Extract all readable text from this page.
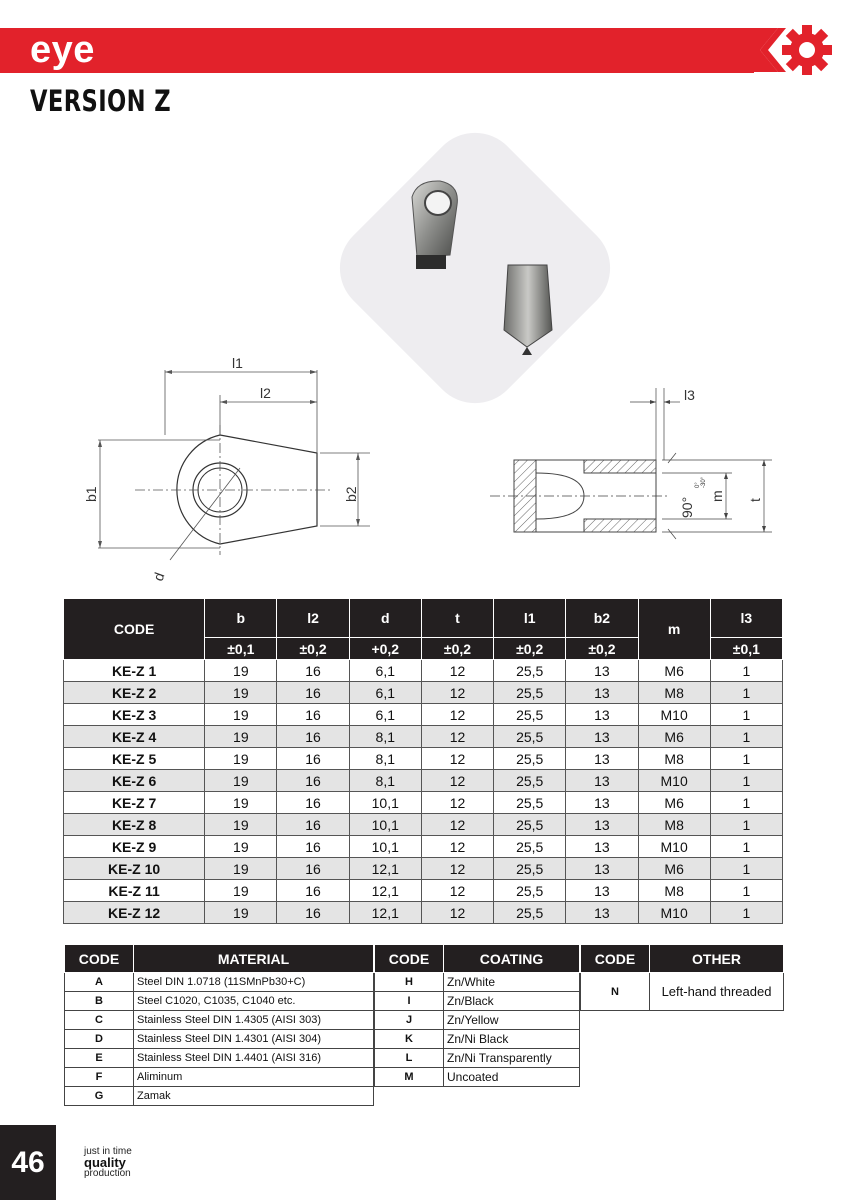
eye
VERSION Z
l1
l2
b1	b2
d
l3
90°
0° -30°
m t
CODE	b	l2	d	t	l1	b2	m	l3
	±0,1	±0,2	+0,2	±0,2	±0,2	±0,2		±0,1
KE-Z 1	19	16	6,1	12	25,5	13	M6	1
KE-Z 2	19	16	6,1	12	25,5	13	M8	1
KE-Z 3	19	16	6,1	12	25,5	13	M10	1
KE-Z 4	19	16	8,1	12	25,5	13	M6	1
KE-Z 5	19	16	8,1	12	25,5	13	M8	1
KE-Z 6	19	16	8,1	12	25,5	13	M10	1
KE-Z 7	19	16	10,1	12	25,5	13	M6	1
KE-Z 8	19	16	10,1	12	25,5	13	M8	1
KE-Z 9	19	16	10,1	12	25,5	13	M10	1
KE-Z 10	19	16	12,1	12	25,5	13	M6	1
KE-Z 11	19	16	12,1	12	25,5	13	M8	1
KE-Z 12	19	16	12,1	12	25,5	13	M10	1
CODE	MATERIAL
A	Steel DIN 1.0718 (11SMnPb30+C)
B	Steel C1020, C1035, C1040 etc.
C	Stainless Steel DIN 1.4305 (AISI 303)
D	Stainless Steel DIN 1.4301 (AISI 304)
E	Stainless Steel DIN 1.4401 (AISI 316)
F	Aliminum
G	Zamak
CODE	COATING
H	Zn/White
I	Zn/Black
J	Zn/Yellow
K	Zn/Ni Black
L	Zn/Ni Transparently
M	Uncoated
CODE	OTHER
N	Left-hand threaded
46	just in time
quality
production
